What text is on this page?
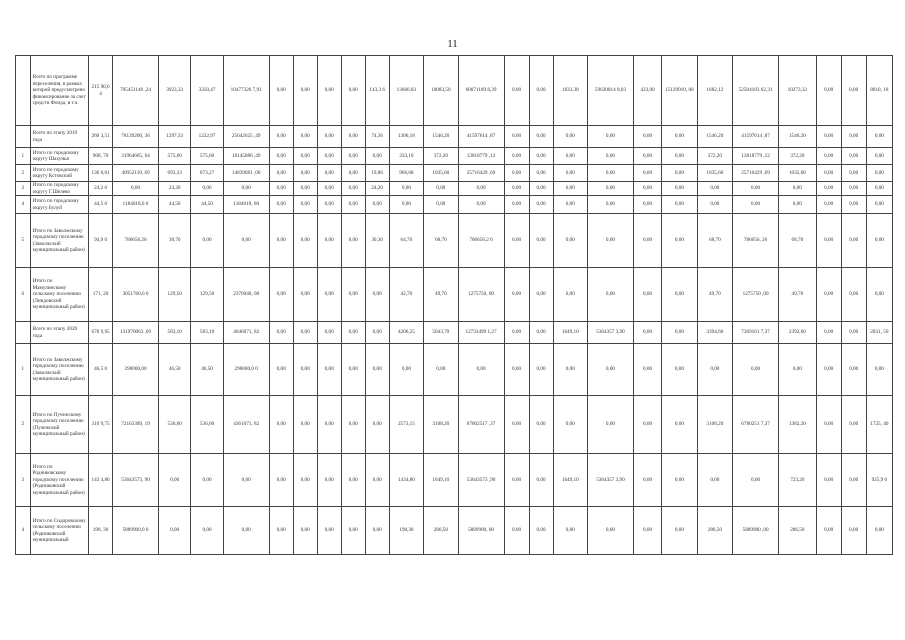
11
	Всего по программе переселения, в рамках которой предусмотрено финансирование за счет средств Фонда, в т.ч.	215 90,6 4	705451146 ,24	3923,33	3350,47	10477326 7,91	0,00	0,00	0,00	0,00	143,3 6	13666,83	10083,50	60071189 8,39	0,00	0,00	1833,38	59620014 8,03	423,00	15129010, 00	1682,12	52504183 62,31	10273,32	0,00	0,00	8810, 18
	Всего по этапу 2019 года	260 3,51	78139260, 36	1297,33	1222,97	25642625 ,49	0,00	0,00	0,00	0,00	74,36	1306,18	1546,20	41597614 ,87	0,00	0,00	0,00	0,00	0,00	0,00	1546,20	41597614 ,87	1546,20	0,00	0,00	0,00
1	Итого по городскому округу Шахунья	908, 70	31964665, 64	575,60	575,60	18145086 ,49	0,00	0,00	0,00	0,00	0,00	333,10	372,20	13818779 ,12	0,00	0,00	0,00	0,00	0,00	0,00	372,20	13818779 ,12	372,20	0,00	0,00	0,00
2	Итого по городскому округу Кстовский	136 0,01	40952110, 69	693,33	673,27	14839681 ,00	0,00	0,00	0,00	0,00	19,86	966,68	1035,60	25716429 ,69	0,00	0,00	0,00	0,00	0,00	0,00	1035,60	25716429 ,69	1035,60	0,00	0,00	0,00
3	Итого по городскому округу Г.Шелево	24,2 0	0,00	24,20	0,00	0,00	0,00	0,00	0,00	0,00	24,20	0,00	0,00	0,00	0,00	0,00	0,00	0,00	0,00	0,00	0,00	0,00	0,00	0,00	0,00	0,00
4	Итого по городскому округу Булуй	44,5 0	1184018,0 0	44,50	44,50	1184018, 00	0,00	0,00	0,00	0,00	0,00	0,00	0,00	0,00	0,00	0,00	0,00	0,00	0,00	0,00	0,00	0,00	0,00	0,00	0,00	0,00
5	Итого по Заволжскому городскому поселению (Заволжский муниципальный район)	94,9 0	786656,26	30,70	0,00	0,00	0,00	0,00	0,00	0,00	30,30	64,70	68,70	786656,2 6	0,00	0,00	0,00	0,00	0,00	0,00	68,70	786656, 26	68,70	0,00	0,00	0,00
6	Итого по Мамулинскому сельскому поселению (Линдовский муниципальный район)	171, 20	3051760,0 0	129,50	129,50	2370040, 00	0,00	0,00	0,00	0,00	0,00	42,70	49,70	1275750, 00	0,00	0,00	0,00	0,00	0,00	0,00	49,70	1275750 ,00	49,70	0,00	0,00	0,00
	Всего по этапу 2020 года	678 9,95	131970063 ,09	583,10	583,10	4646071, 82	0,00	0,00	0,00	0,00	0,00	4206,25	5043,70	12733499 1,27	0,00	0,00	1649,10	5364357 3,90	0,00	0,00	3394,60	7369161 7,37	2392,60	0,00	0,00	2831, 50
1	Итого по Заволжскому городскому поселению (Заволжский муниципальный район)	46,5 0	290000,00	46,50	46,50	290000,0 0	0,00	0,00	0,00	0,00	0,00	0,00	0,00	0,00	0,00	0,00	0,00	0,00	0,00	0,00	0,00	0,00	0,00	0,00	0,00	0,00
2	Итого по Пучежскому городскому поселению (Пучежский муниципальный район)	310 9,75	72163389, 19	536,60	536,60	4361071, 82	0,00	0,00	0,00	0,00	0,00	2573,15	3108,20	67802517 ,37	0,00	0,00	0,00	0,00	0,00	0,00	3108,20	6780251 7,37	1382,20	0,00	0,00	1725, 40
3	Итого по Родниковскому городскому поселению (Родниковский муниципальный район)	143 4,80	53643573, 90	0,00	0,00	0,00	0,00	0,00	0,00	0,00	0,00	1434,80	1649,10	53643573 ,90	0,00	0,00	1649,10	5364357 3,90	0,00	0,00	0,00	0,00	723,20	0,00	0,00	925,9 0
4	Итого по Сидоровскому сельскому поселению (Родниковский муниципальный	198, 30	5889900,0 0	0,00	0,00	0,00	0,00	0,00	0,00	0,00	0,00	198,30	286,50	5889900, 00	0,00	0,00	0,00	0,00	0,00	0,00	286,50	5889900 ,00	286,50	0,00	0,00	0,00
